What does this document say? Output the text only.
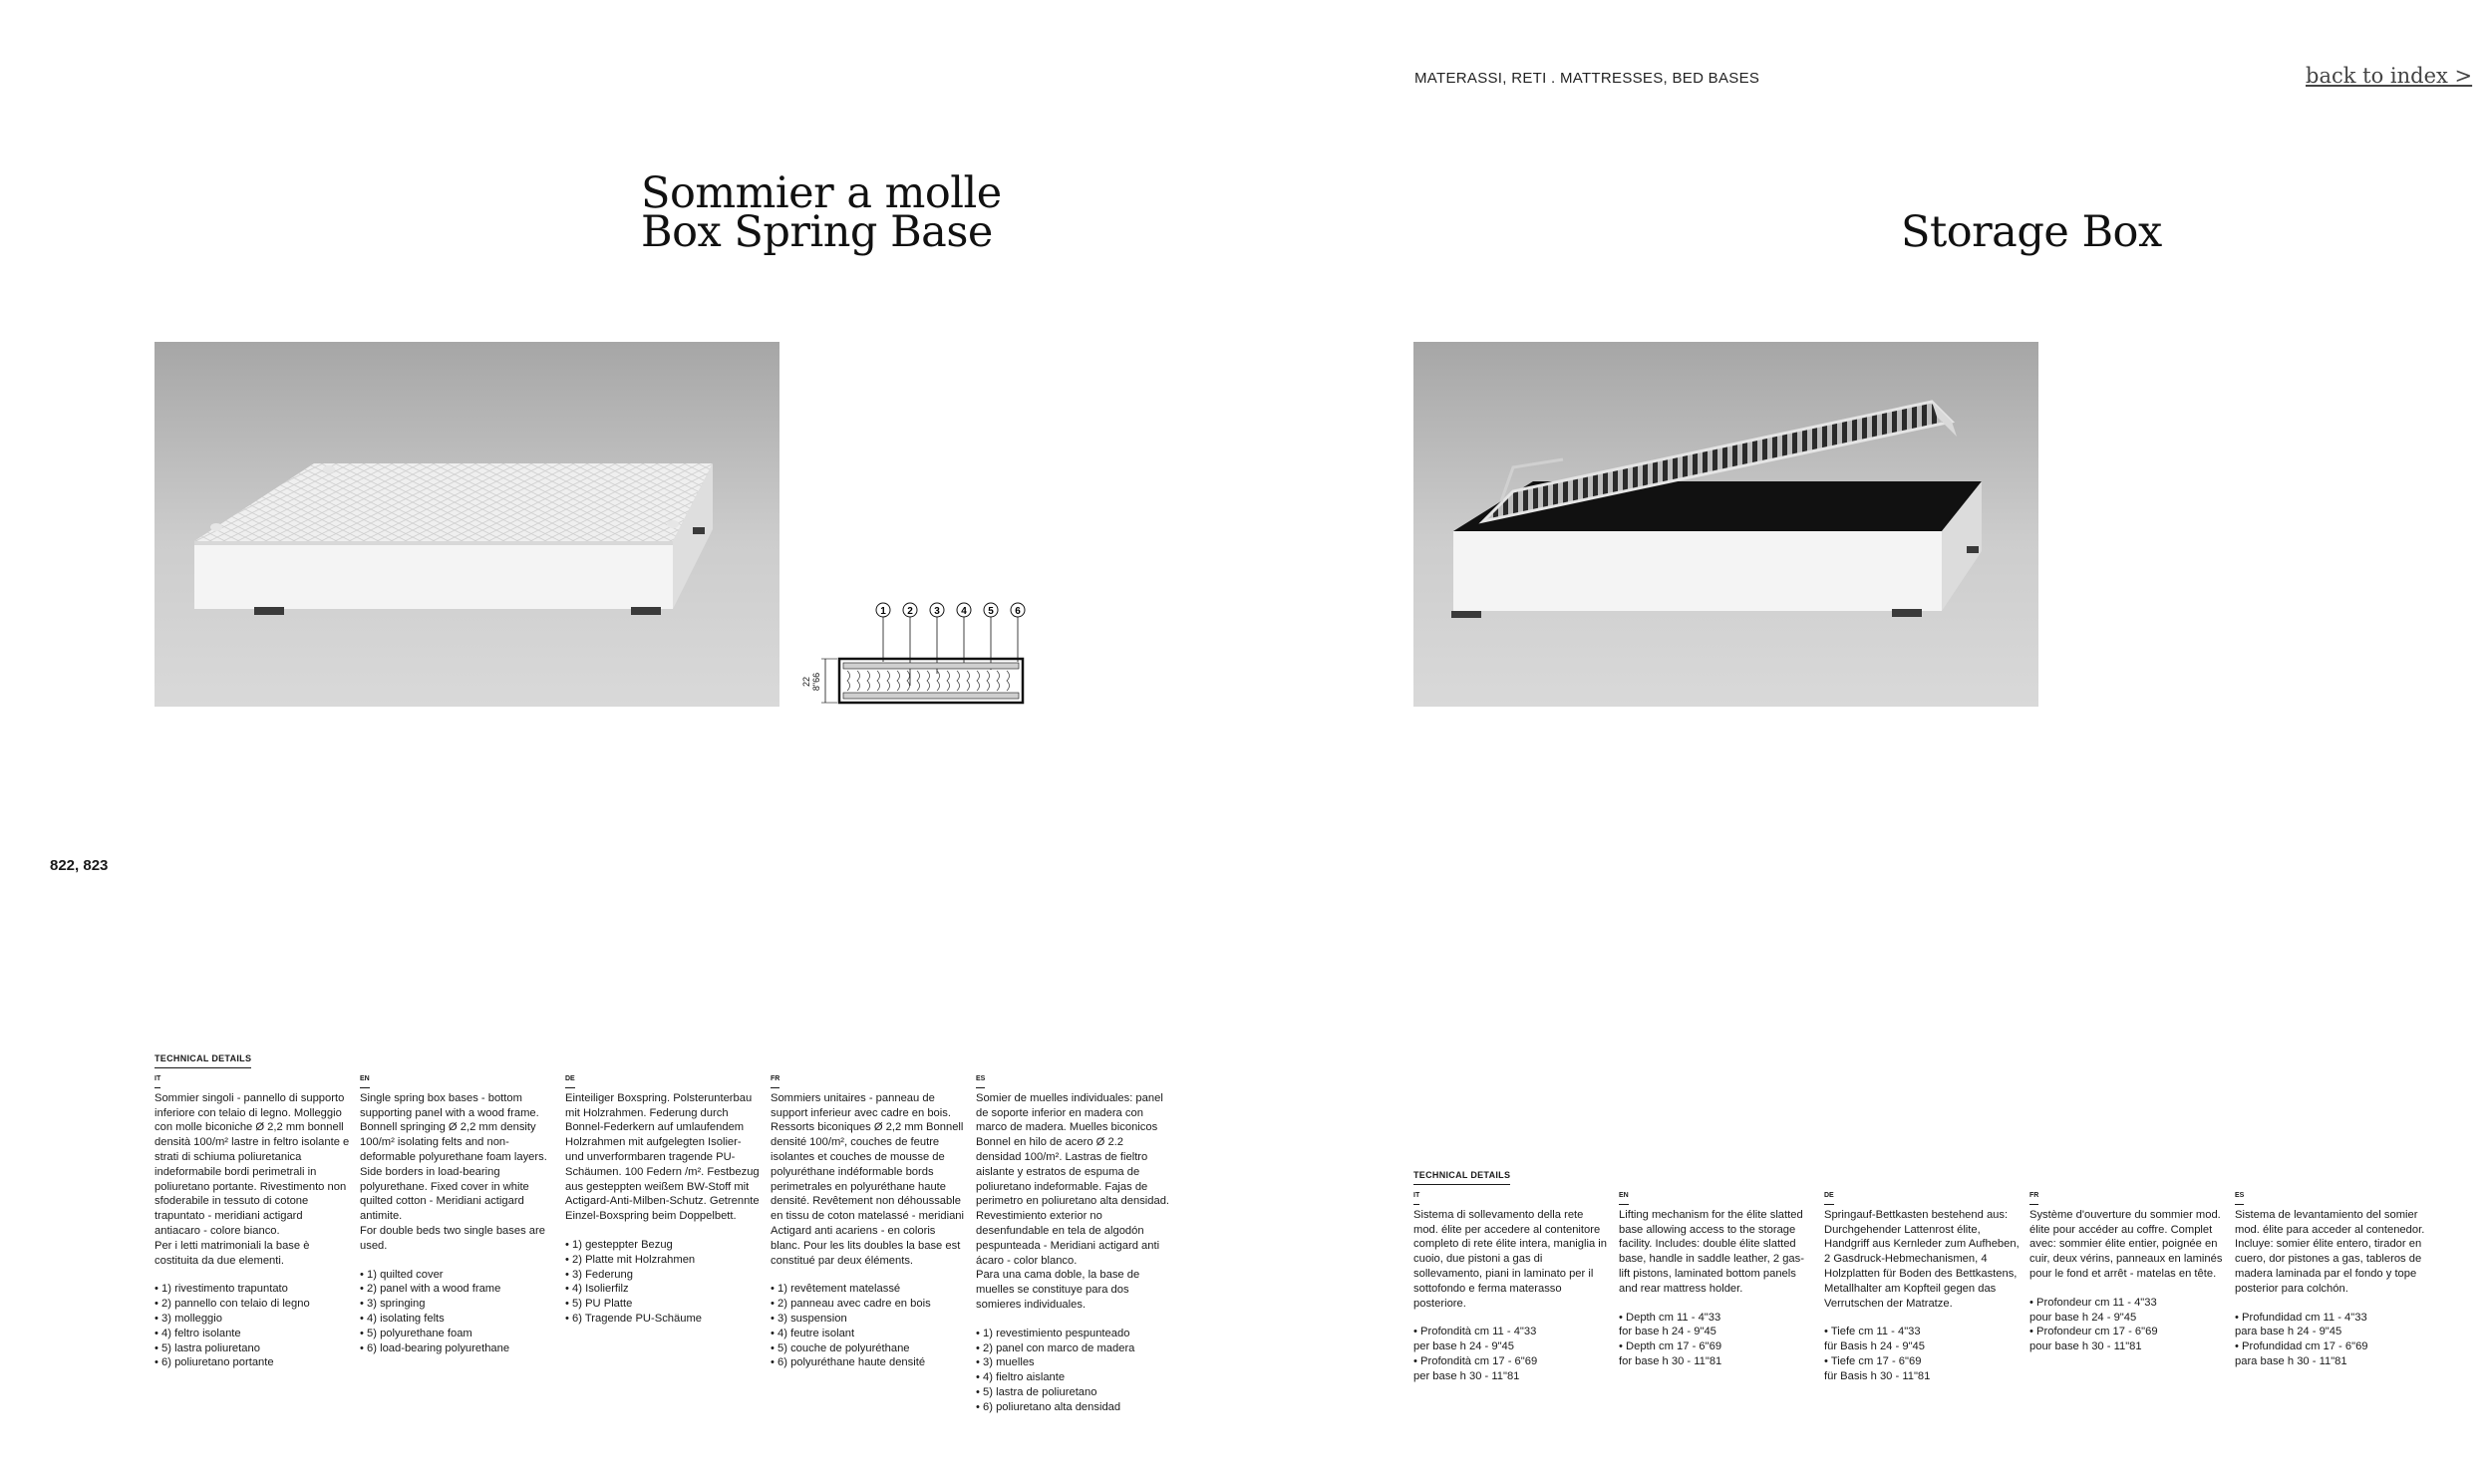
MATERASSI, RETI . MATTRESSES, BED BASES	back to index >
Sommier a molle
Box Spring Base	Storage Box
822, 823
1 2 3 4 5 6
22 8"66
TECHNICAL DETAILS
IT

Sommier singoli - pannello di supporto inferiore con telaio di legno. Molleggio con molle biconiche Ø 2,2 mm bonnell densità 100/m² lastre in feltro isolante e strati di schiuma poliuretanica indeformabile bordi perimetrali in poliuretano portante. Rivestimento non sfoderabile in tessuto di cotone trapuntato - meridiani actigard antiacaro - colore bianco.
Per i letti matrimoniali la base è costituita da due elementi.

• 1) rivestimento trapuntato
• 2) pannello con telaio di legno
• 3) molleggio
• 4) feltro isolante
• 5) lastra poliuretano
• 6) poliuretano portante
EN

Single spring box bases - bottom supporting panel with a wood frame. Bonnell springing Ø 2,2 mm density 100/m² isolating felts and non-deformable polyurethane foam layers. Side borders in load-bearing polyurethane. Fixed cover in white quilted cotton - Meridiani actigard antimite.
For double beds two single bases are used.

• 1) quilted cover
• 2) panel with a wood frame
• 3) springing
• 4) isolating felts
• 5) polyurethane foam
• 6) load-bearing polyurethane
DE

Einteiliger Boxspring. Polsterunterbau mit Holzrahmen. Federung durch Bonnel-Federkern auf umlaufendem Holzrahmen mit aufgelegten Isolier- und unverformbaren tragende PU-Schäumen. 100 Federn /m². Festbezug aus gesteppten weißem BW-Stoff mit Actigard-Anti-Milben-Schutz. Getrennte Einzel-Boxspring beim Doppelbett.

• 1) gesteppter Bezug
• 2) Platte mit Holzrahmen
• 3) Federung
• 4) Isolierfilz
• 5) PU Platte
• 6) Tragende PU-Schäume
FR

Sommiers unitaires - panneau de support inferieur avec cadre en bois. Ressorts biconiques Ø 2,2 mm Bonnell densité 100/m², couches de feutre isolantes et couches de mousse de polyuréthane indéformable bords perimetrales en polyuréthane haute densité. Revêtement non déhoussable en tissu de coton matelassé - meridiani Actigard anti acariens - en coloris blanc. Pour les lits doubles la base est constitué par deux éléments.

• 1) revêtement matelassé
• 2) panneau avec cadre en bois
• 3) suspension
• 4) feutre isolant
• 5) couche de polyuréthane
• 6) polyuréthane haute densité
ES

Somier de muelles individuales: panel de soporte inferior en madera con marco de madera. Muelles biconicos Bonnel en hilo de acero Ø 2.2 densidad 100/m². Lastras de fieltro aislante y estratos de espuma de poliuretano indeformable. Fajas de perimetro en poliuretano alta densidad. Revestimiento exterior no desenfundable en tela de algodón pespunteada - Meridiani actigard anti ácaro - color blanco.
Para una cama doble, la base de muelles se constituye para dos somieres individuales.

• 1) revestimiento pespunteado
• 2) panel con marco de madera
• 3) muelles
• 4) fieltro aislante
• 5) lastra de poliuretano
• 6) poliuretano alta densidad
TECHNICAL DETAILS
IT

Sistema di sollevamento della rete mod. élite per accedere al contenitore completo di rete élite intera, maniglia in cuoio, due pistoni a gas di sollevamento, piani in laminato per il sottofondo e ferma materasso posteriore.

• Profondità cm 11 - 4"33
per base h 24 - 9"45
• Profondità cm 17 - 6"69
per base h 30 - 11"81
EN

Lifting mechanism for the élite slatted base allowing access to the storage facility. Includes: double élite slatted base, handle in saddle leather, 2 gas-lift pistons, laminated bottom panels and rear mattress holder.

• Depth cm 11 - 4"33
for base h 24 - 9"45
• Depth cm 17 - 6"69
for base h 30 - 11"81
DE

Springauf-Bettkasten bestehend aus: Durchgehender Lattenrost élite, Handgriff aus Kernleder zum Aufheben, 2 Gasdruck-Hebmechanismen, 4 Holzplatten für Boden des Bettkastens, Metallhalter am Kopfteil gegen das Verrutschen der Matratze.

• Tiefe cm 11 - 4"33
für Basis h 24 - 9"45
• Tiefe cm 17 - 6"69
für Basis h 30 - 11"81
FR

Système d'ouverture du sommier mod. élite pour accéder au coffre. Complet avec: sommier élite entier, poignée en cuir, deux vérins, panneaux en laminés pour le fond et arrêt - matelas en tête.

• Profondeur cm 11 - 4"33
pour base h 24 - 9"45
• Profondeur cm 17 - 6"69
pour base h 30 - 11"81
ES

Sistema de levantamiento del somier mod. élite para acceder al contenedor. Incluye: somier élite entero, tirador en cuero, dor pistones a gas, tableros de madera laminada par el fondo y tope posterior para colchón.

• Profundidad cm 11 - 4"33
para base h 24 - 9"45
• Profundidad cm 17 - 6"69
para base h 30 - 11"81
